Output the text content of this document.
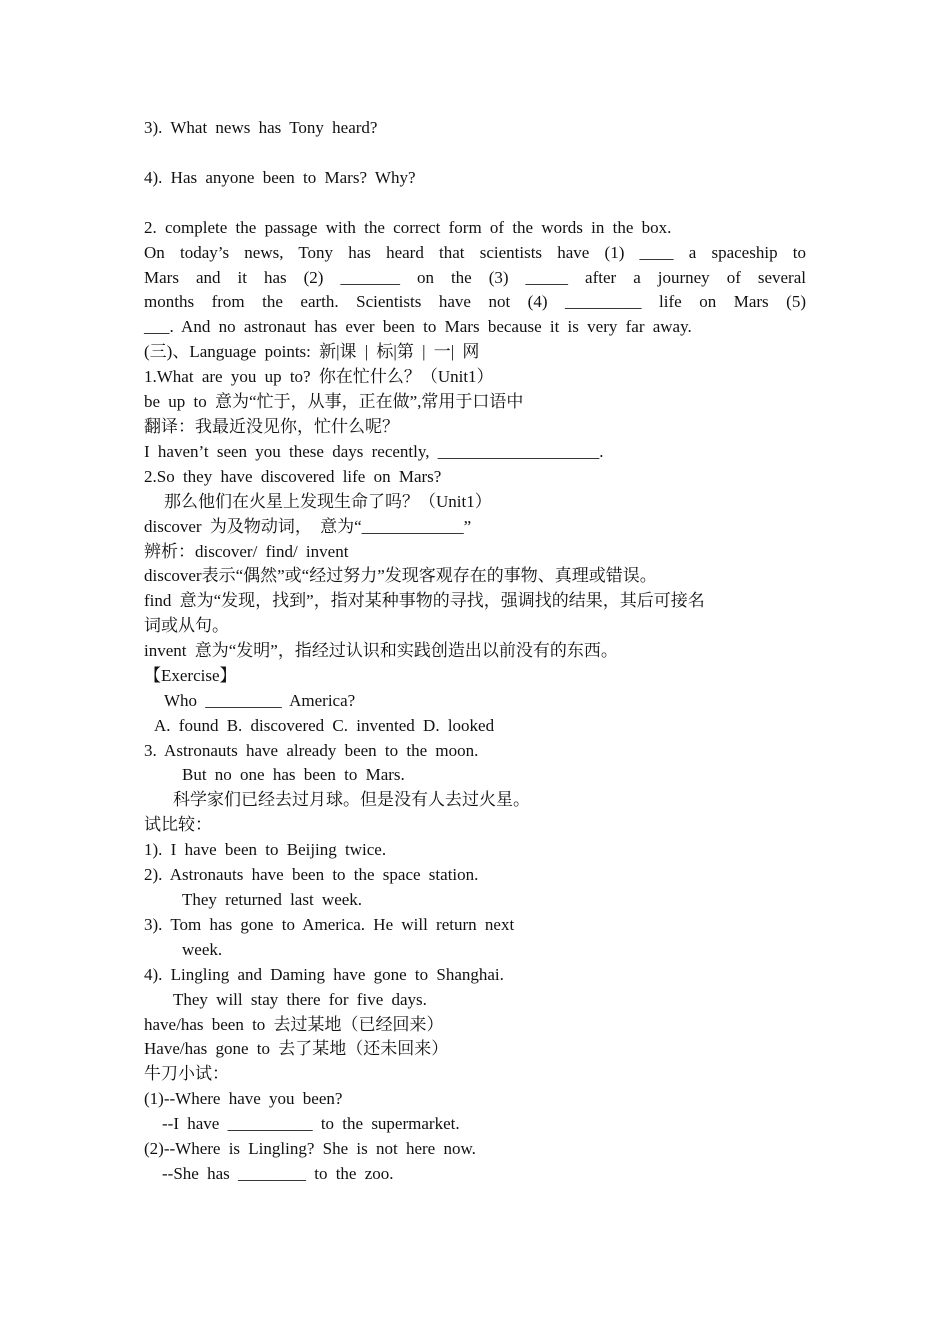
3). What news has Tony heard?
4). Has anyone been to Mars? Why?
2. complete the passage with the correct form of the words in the box.
On today’s news, Tony has heard that scientists have (1) ____ a spaceship to
Mars and it has (2) _______ on the (3) _____ after a journey of several
months from the earth. Scientists have not (4) _________ life on Mars (5)
___. And no astronaut has ever been to Mars because it is very far away.
(三)、Language points: 新|课 | 标|第 | 一| 网
1.What are you up to? 你在忙什么？（Unit1）
be up to 意为“忙于，从事，正在做”,常用于口语中
翻译：我最近没见你，忙什么呢？
I haven’t seen you these days recently, ___________________.
2.So they have discovered life on Mars?
那么他们在火星上发现生命了吗？（Unit1）
discover 为及物动词， 意为“____________”
辨析：discover/ find/ invent
discover表示“偶然”或“经过努力”发现客观存在的事物、真理或错误。
find 意为“发现，找到”，指对某种事物的寻找，强调找的结果，其后可接名
词或从句。
invent 意为“发明”，指经过认识和实践创造出以前没有的东西。
【Exercise】
Who _________ America?
A. found B. discovered C. invented D. looked
3. Astronauts have already been to the moon.
But no one has been to Mars.
科学家们已经去过月球。但是没有人去过火星。
试比较：
1). I have been to Beijing twice.
2). Astronauts have been to the space station.
They returned last week.
3). Tom has gone to America. He will return next
week.
4). Lingling and Daming have gone to Shanghai.
They will stay there for five days.
have/has been to 去过某地（已经回来）
Have/has gone to 去了某地（还未回来）
牛刀小试：
(1)--Where have you been?
--I have __________ to the supermarket.
(2)--Where is Lingling? She is not here now.
--She has ________ to the zoo.
